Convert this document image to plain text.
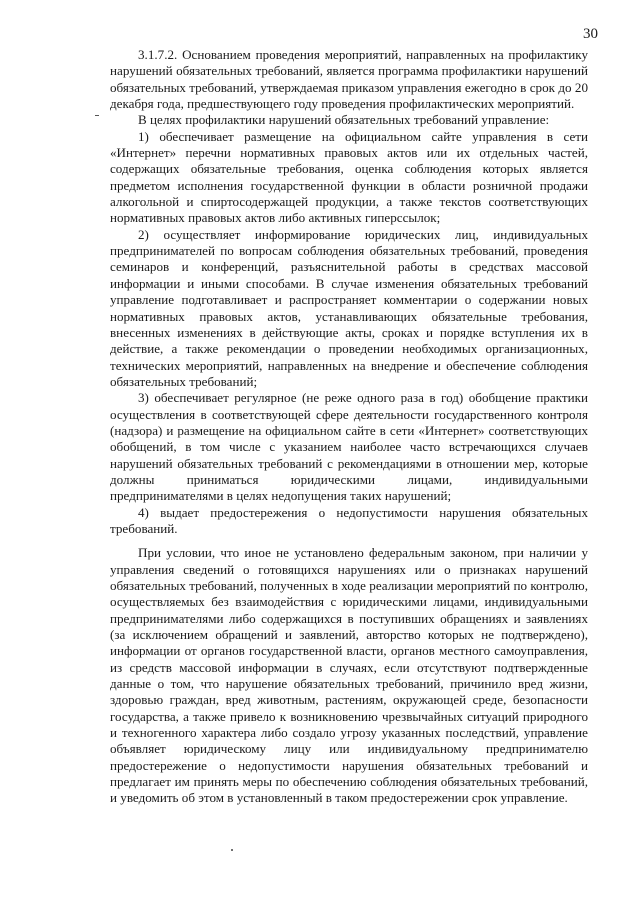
30

3.1.7.2. Основанием проведения мероприятий, направленных на профилактику нарушений обязательных требований, является программа профилактики нарушений обязательных требований, утверждаемая приказом управления ежегодно в срок до 20 декабря года, предшествующего году проведения профилактических мероприятий.

В целях профилактики нарушений обязательных требований управление:

1) обеспечивает размещение на официальном сайте управления в сети «Интернет» перечни нормативных правовых актов или их отдельных частей, содержащих обязательные требования, оценка соблюдения которых является предметом исполнения государственной функции в области розничной продажи алкогольной и спиртосодержащей продукции, а также текстов соответствующих нормативных правовых актов либо активных гиперссылок;

2) осуществляет информирование юридических лиц, индивидуальных предпринимателей по вопросам соблюдения обязательных требований, проведения семинаров и конференций, разъяснительной работы в средствах массовой информации и иными способами. В случае изменения обязательных требований управление подготавливает и распространяет комментарии о содержании новых нормативных правовых актов, устанавливающих обязательные требования, внесенных изменениях в действующие акты, сроках и порядке вступления их в действие, а также рекомендации о проведении необходимых организационных, технических мероприятий, направленных на внедрение и обеспечение соблюдения обязательных требований;

3) обеспечивает регулярное (не реже одного раза в год) обобщение практики осуществления в соответствующей сфере деятельности государственного контроля (надзора) и размещение на официальном сайте в сети «Интернет» соответствующих обобщений, в том числе с указанием наиболее часто встречающихся случаев нарушений обязательных требований с рекомендациями в отношении мер, которые должны приниматься юридическими лицами, индивидуальными предпринимателями в целях недопущения таких нарушений;

4) выдает предостережения о недопустимости нарушения обязательных требований.

При условии, что иное не установлено федеральным законом, при наличии у управления сведений о готовящихся нарушениях или о признаках нарушений обязательных требований, полученных в ходе реализации мероприятий по контролю, осуществляемых без взаимодействия с юридическими лицами, индивидуальными предпринимателями либо содержащихся в поступивших обращениях и заявлениях (за исключением обращений и заявлений, авторство которых не подтверждено), информации от органов государственной власти, органов местного самоуправления, из средств массовой информации в случаях, если отсутствуют подтвержденные данные о том, что нарушение обязательных требований, причинило вред жизни, здоровью граждан, вред животным, растениям, окружающей среде, безопасности государства, а также привело к возникновению чрезвычайных ситуаций природного и техногенного характера либо создало угрозу указанных последствий, управление объявляет юридическому лицу или индивидуальному предпринимателю предостережение о недопустимости нарушения обязательных требований и предлагает им принять меры по обеспечению соблюдения обязательных требований, и уведомить об этом в установленный в таком предостережении срок управление.
